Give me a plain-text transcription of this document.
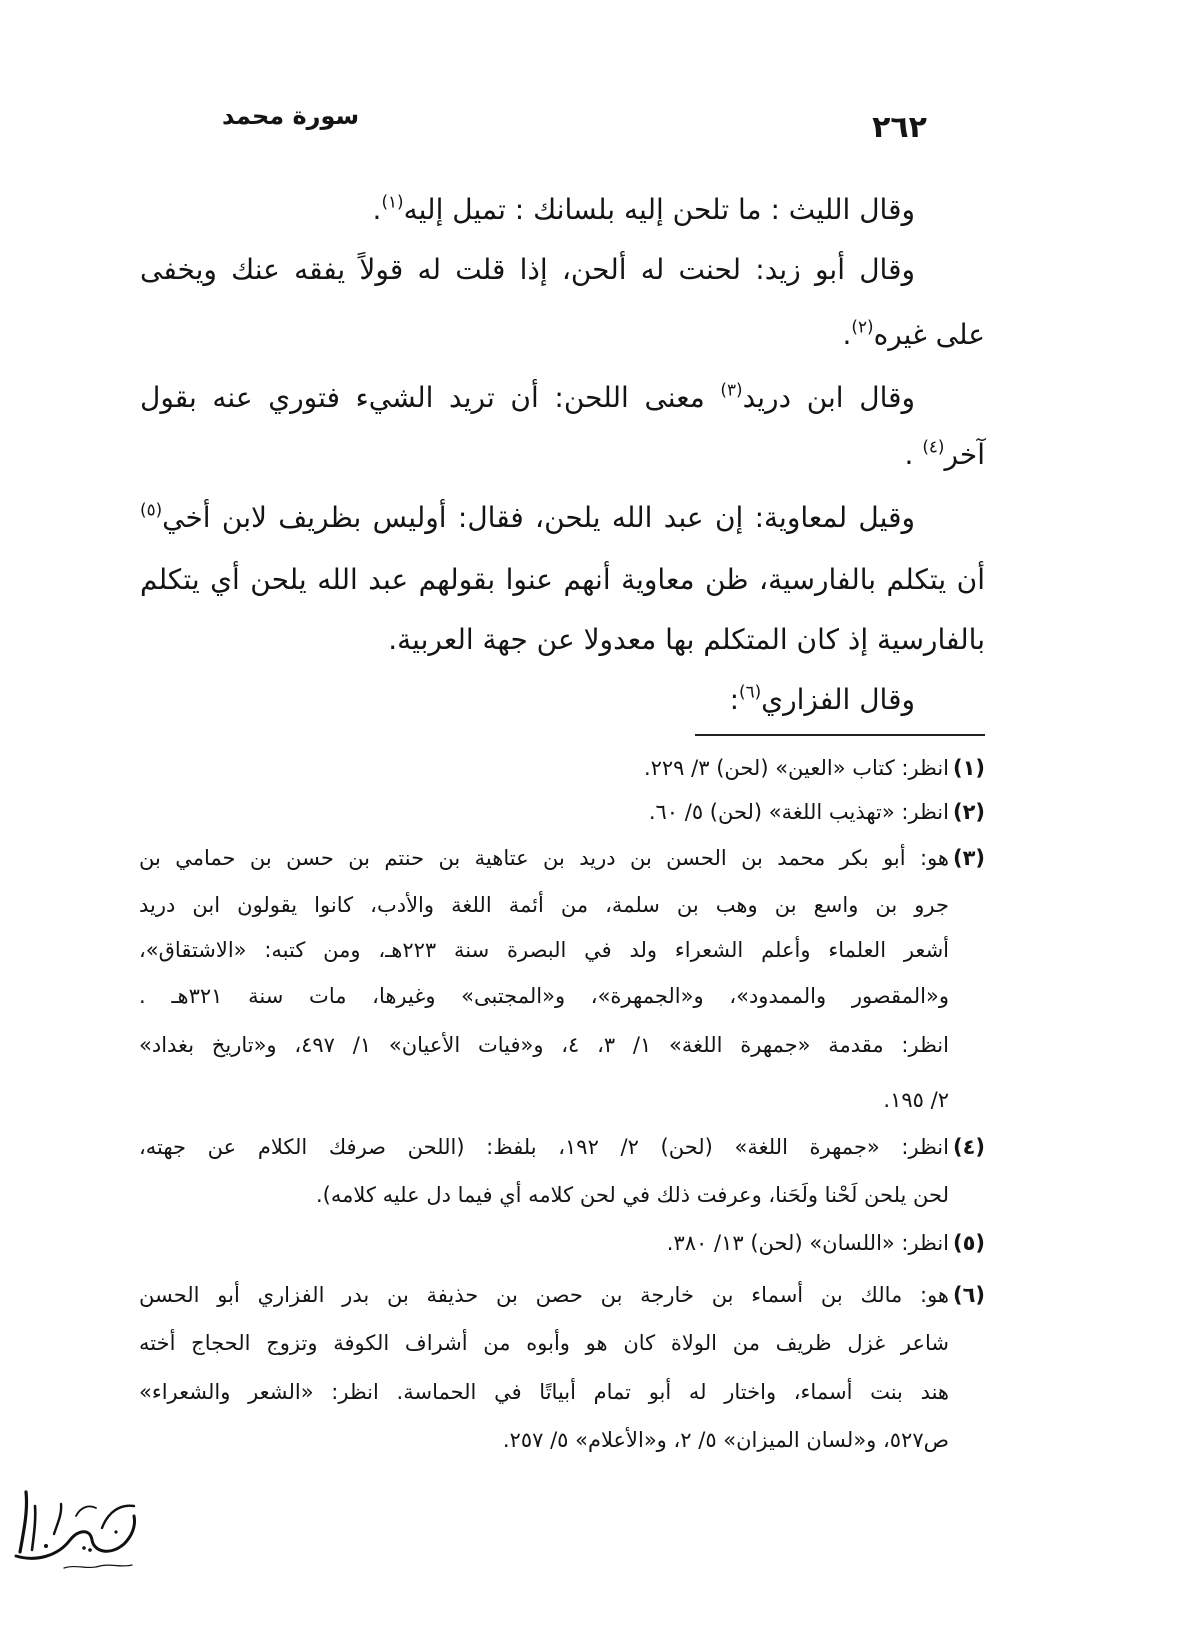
٢٦٢
سورة محمد
وقال الليث : ما تلحن إليه بلسانك : تميل إليه$^{(١)}$.
وقال أبو زيد: لحنت له ألحن، إذا قلت له قولاً يفقه عنك ويخفى
على غيره$^{(٢)}$.
وقال ابن دريد$^{(٣)}$ معنى اللحن: أن تريد الشيء فتوري عنه بقول
آخر$^{(٤)}$ .
وقيل لمعاوية: إن عبد الله يلحن، فقال: أوليس بظريف لابن أخي$^{(٥)}$
أن يتكلم بالفارسية، ظن معاوية أنهم عنوا بقولهم عبد الله يلحن أي يتكلم
بالفارسية إذ كان المتكلم بها معدولا عن جهة العربية.
وقال الفزاري$^{(٦)}$:
(١)
انظر: كتاب «العين» (لحن) ٣/ ٢٢٩.
(٢)
انظر: «تهذيب اللغة» (لحن) ٥/ ٦٠.
(٣)
هو: أبو بكر محمد بن الحسن بن دريد بن عتاهية بن حنتم بن حسن بن حمامي بن
جرو بن واسع بن وهب بن سلمة، من أئمة اللغة والأدب، كانوا يقولون ابن دريد
أشعر العلماء وأعلم الشعراء ولد في البصرة سنة ٢٢٣هـ، ومن كتبه: «الاشتقاق»،
و«المقصور والممدود»، و«الجمهرة»، و«المجتبى» وغيرها، مات سنة ٣٢١هـ .
انظر: مقدمة «جمهرة اللغة» ١/ ٣، ٤، و«فيات الأعيان» ١/ ٤٩٧، و«تاريخ بغداد»
٢/ ١٩٥.
(٤)
انظر: «جمهرة اللغة» (لحن) ٢/ ١٩٢، بلفظ: (اللحن صرفك الكلام عن جهته،
لحن يلحن لَحْنا ولَحَنا، وعرفت ذلك في لحن كلامه أي فيما دل عليه كلامه).
(٥)
انظر: «اللسان» (لحن) ١٣/ ٣٨٠.
(٦)
هو: مالك بن أسماء بن خارجة بن حصن بن حذيفة بن بدر الفزاري أبو الحسن
شاعر غزل ظريف من الولاة كان هو وأبوه من أشراف الكوفة وتزوج الحجاج أخته
هند بنت أسماء، واختار له أبو تمام أبياتًا في الحماسة. انظر: «الشعر والشعراء»
ص٥٢٧، و«لسان الميزان» ٥/ ٢، و«الأعلام» ٥/ ٢٥٧.
